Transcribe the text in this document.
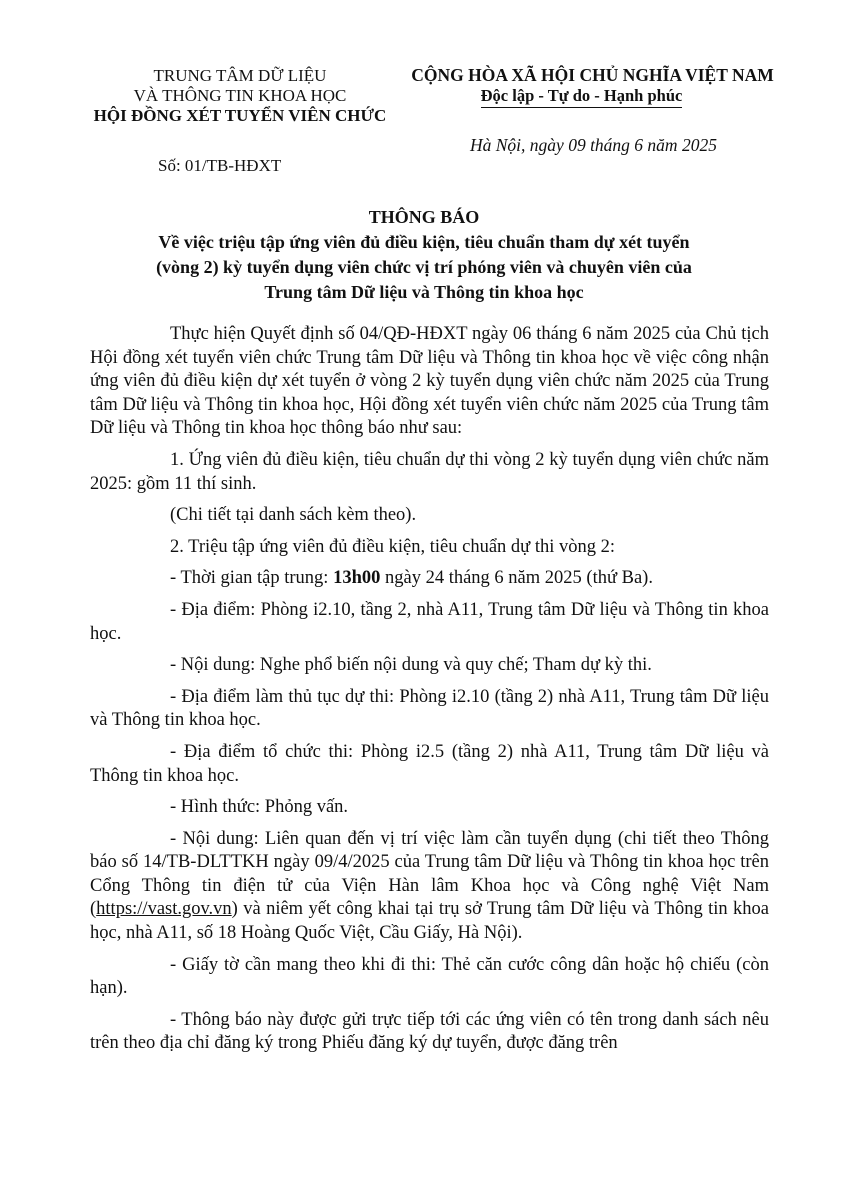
TRUNG TÂM DỮ LIỆU
VÀ THÔNG TIN KHOA HỌC
HỘI ĐỒNG XÉT TUYỂN VIÊN CHỨC
CỘNG HÒA XÃ HỘI CHỦ NGHĨA VIỆT NAM
Độc lập - Tự do - Hạnh phúc
Hà Nội, ngày 09 tháng 6 năm 2025
Số: 01/TB-HĐXT
THÔNG BÁO
Về việc triệu tập ứng viên đủ điều kiện, tiêu chuẩn tham dự xét tuyển
(vòng 2) kỳ tuyển dụng viên chức vị trí phóng viên và chuyên viên của
Trung tâm Dữ liệu và Thông tin khoa học

Thực hiện Quyết định số 04/QĐ-HĐXT ngày 06 tháng 6 năm 2025 của Chủ tịch Hội đồng xét tuyển viên chức Trung tâm Dữ liệu và Thông tin khoa học về việc công nhận ứng viên đủ điều kiện dự xét tuyển ở vòng 2 kỳ tuyển dụng viên chức năm 2025 của Trung tâm Dữ liệu và Thông tin khoa học, Hội đồng xét tuyển viên chức năm 2025 của Trung tâm Dữ liệu và Thông tin khoa học thông báo như sau:

1. Ứng viên đủ điều kiện, tiêu chuẩn dự thi vòng 2 kỳ tuyển dụng viên chức năm 2025: gồm 11 thí sinh.

(Chi tiết tại danh sách kèm theo).

2. Triệu tập ứng viên đủ điều kiện, tiêu chuẩn dự thi vòng 2:

- Thời gian tập trung: 13h00 ngày 24 tháng 6 năm 2025 (thứ Ba).

- Địa điểm: Phòng i2.10, tầng 2, nhà A11, Trung tâm Dữ liệu và Thông tin khoa học.

- Nội dung: Nghe phổ biến nội dung và quy chế; Tham dự kỳ thi.

- Địa điểm làm thủ tục dự thi: Phòng i2.10 (tầng 2) nhà A11, Trung tâm Dữ liệu và Thông tin khoa học.

- Địa điểm tổ chức thi: Phòng i2.5 (tầng 2) nhà A11, Trung tâm Dữ liệu và Thông tin khoa học.

- Hình thức: Phỏng vấn.

- Nội dung: Liên quan đến vị trí việc làm cần tuyển dụng (chi tiết theo Thông báo số 14/TB-DLTTKH ngày 09/4/2025 của Trung tâm Dữ liệu và Thông tin khoa học trên Cổng Thông tin điện tử của Viện Hàn lâm Khoa học và Công nghệ Việt Nam (https://vast.gov.vn) và niêm yết công khai tại trụ sở Trung tâm Dữ liệu và Thông tin khoa học, nhà A11, số 18 Hoàng Quốc Việt, Cầu Giấy, Hà Nội).

- Giấy tờ cần mang theo khi đi thi: Thẻ căn cước công dân hoặc hộ chiếu (còn hạn).

- Thông báo này được gửi trực tiếp tới các ứng viên có tên trong danh sách nêu trên theo địa chỉ đăng ký trong Phiếu đăng ký dự tuyển, được đăng trên
